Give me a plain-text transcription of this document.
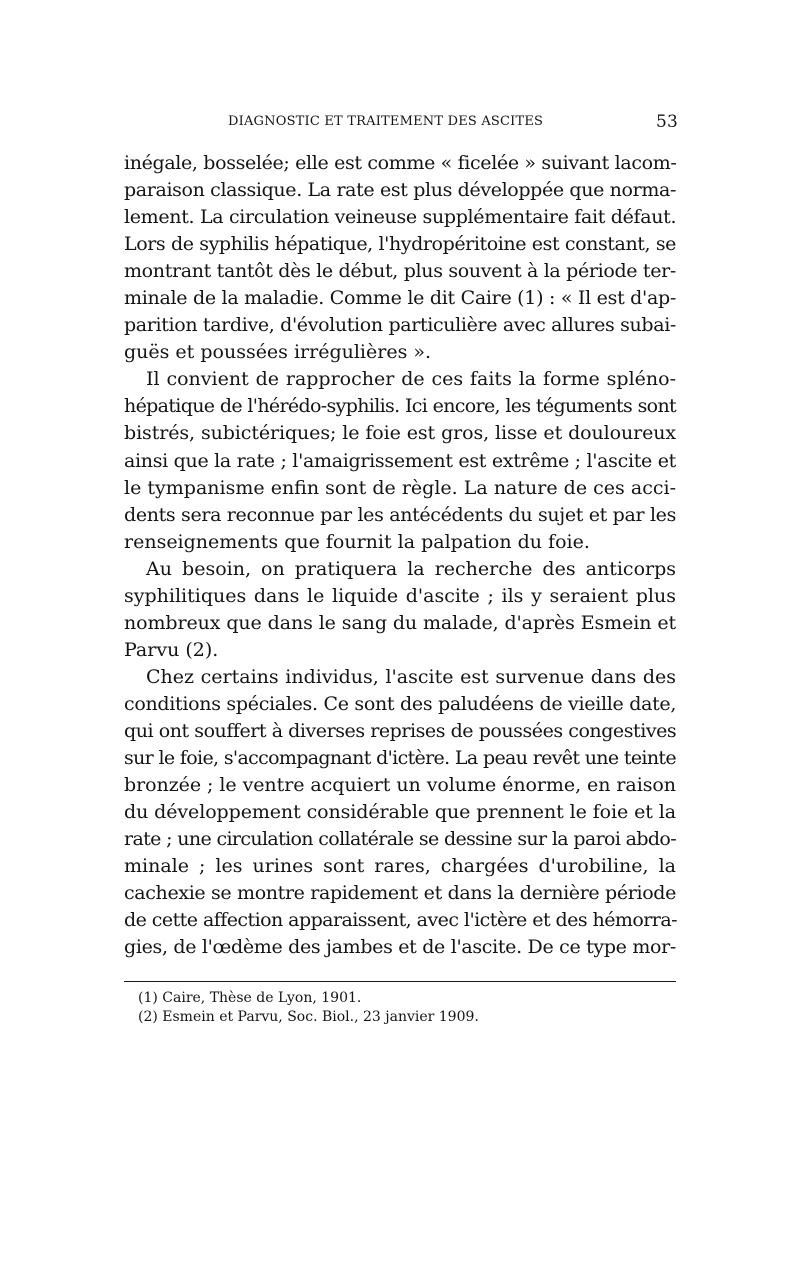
DIAGNOSTIC ET TRAITEMENT DES ASCITES	53
inégale, bosselée; elle est comme « ficelée » suivant lacom-
paraison classique. La rate est plus développée que norma-
lement. La circulation veineuse supplémentaire fait défaut.
Lors de syphilis hépatique, l'hydropéritoine est constant, se
montrant tantôt dès le début, plus souvent à la période ter-
minale de la maladie. Comme le dit Caire (1) : « Il est d'ap-
parition tardive, d'évolution particulière avec allures subai-
guës et poussées irrégulières ».
Il convient de rapprocher de ces faits la forme spléno-
hépatique de l'hérédo-syphilis. Ici encore, les téguments sont
bistrés, subictériques; le foie est gros, lisse et douloureux
ainsi que la rate ; l'amaigrissement est extrême ; l'ascite et
le tympanisme enfin sont de règle. La nature de ces acci-
dents sera reconnue par les antécédents du sujet et par les
renseignements que fournit la palpation du foie.
Au besoin, on pratiquera la recherche des anticorps
syphilitiques dans le liquide d'ascite ; ils y seraient plus
nombreux que dans le sang du malade, d'après Esmein et
Parvu (2).
Chez certains individus, l'ascite est survenue dans des
conditions spéciales. Ce sont des paludéens de vieille date,
qui ont souffert à diverses reprises de poussées congestives
sur le foie, s'accompagnant d'ictère. La peau revêt une teinte
bronzée ; le ventre acquiert un volume énorme, en raison
du développement considérable que prennent le foie et la
rate ; une circulation collatérale se dessine sur la paroi abdo-
minale ; les urines sont rares, chargées d'urobiline, la
cachexie se montre rapidement et dans la dernière période
de cette affection apparaissent, avec l'ictère et des hémorra-
gies, de l'œdème des jambes et de l'ascite. De ce type mor-
(1) Caire, Thèse de Lyon, 1901.
(2) Esmein et Parvu, Soc. Biol., 23 janvier 1909.
